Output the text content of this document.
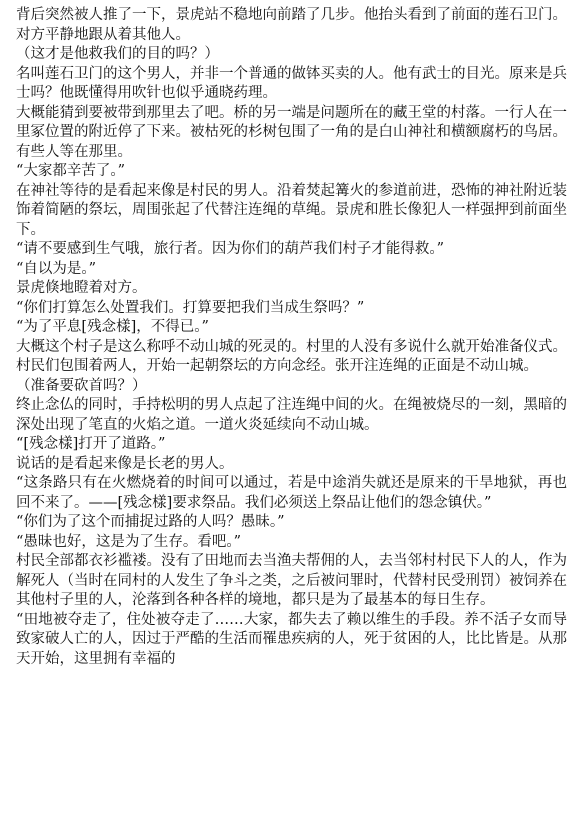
背后突然被人推了一下，景虎站不稳地向前踏了几步。他抬头看到了前面的莲石卫门。对方平静地跟从着其他人。

（这才是他救我们的目的吗？）

名叫莲石卫门的这个男人，并非一个普通的做钵买卖的人。他有武士的目光。原来是兵士吗？他既懂得用吹针也似乎通晓药理。

大概能猜到要被带到那里去了吧。桥的另一端是问题所在的藏王堂的村落。一行人在一里冢位置的附近停了下来。被枯死的杉树包围了一角的是白山神社和横额腐朽的鸟居。有些人等在那里。

“大家都辛苦了。”

在神社等待的是看起来像是村民的男人。沿着焚起篝火的参道前进，恐怖的神社附近装饰着简陋的祭坛，周围张起了代替注连绳的草绳。景虎和胜长像犯人一样强押到前面坐下。

“请不要感到生气哦，旅行者。因为你们的葫芦我们村子才能得救。”

“自以为是。”

景虎倏地瞪着对方。

“你们打算怎么处置我们。打算要把我们当成生祭吗？”

“为了平息[残念樣]，不得已。”

大概这个村子是这么称呼不动山城的死灵的。村里的人没有多说什么就开始准备仪式。村民们包围着两人，开始一起朝祭坛的方向念经。张开注连绳的正面是不动山城。

（准备要砍首吗？）

终止念仏的同时，手持松明的男人点起了注连绳中间的火。在绳被烧尽的一刻，黑暗的深处出现了笔直的火焰之道。一道火炎延续向不动山城。

“[残念樣]打开了道路。”

说话的是看起来像是长老的男人。

“这条路只有在火燃烧着的时间可以通过，若是中途消失就还是原来的干旱地狱，再也回不来了。——[残念樣]要求祭品。我们必须送上祭品让他们的怨念镇伏。”

“你们为了这个而捕捉过路的人吗？愚昧。”

“愚昧也好，这是为了生存。看吧。”

村民全部都衣衫褴褛。没有了田地而去当渔夫帮佣的人，去当邻村村民下人的人，作为解死人（当时在同村的人发生了争斗之类，之后被问罪时，代替村民受刑罚）被饲养在其他村子里的人，沦落到各种各样的境地，都只是为了最基本的每日生存。

“田地被夺走了，住处被夺走了……大家，都失去了赖以维生的手段。养不活子女而导致家破人亡的人，因过于严酷的生活而罹患疾病的人，死于贫困的人，比比皆是。从那天开始，这里拥有幸福的
